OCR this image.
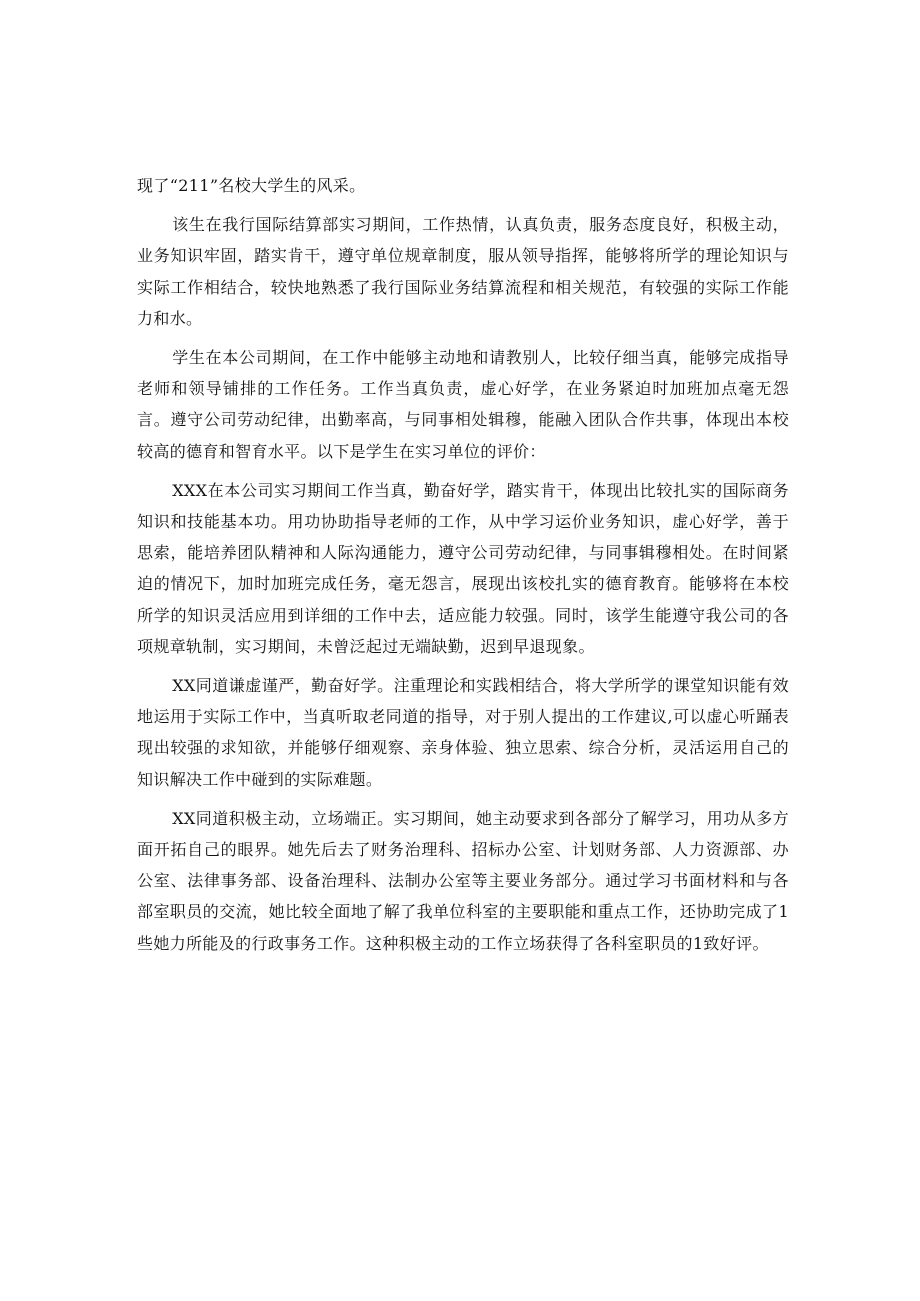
现了“211”名校大学生的风采。

该生在我行国际结算部实习期间，工作热情，认真负责，服务态度良好，积极主动，业务知识牢固，踏实肯干，遵守单位规章制度，服从领导指挥，能够将所学的理论知识与实际工作相结合，较快地熟悉了我行国际业务结算流程和相关规范，有较强的实际工作能力和水。

学生在本公司期间，在工作中能够主动地和请教别人，比较仔细当真，能够完成指导老师和领导铺排的工作任务。工作当真负责，虚心好学，在业务紧迫时加班加点毫无怨言。遵守公司劳动纪律，出勤率高，与同事相处辑穆，能融入团队合作共事，体现出本校较高的德育和智育水平。以下是学生在实习单位的评价：

XXX在本公司实习期间工作当真，勤奋好学，踏实肯干，体现出比较扎实的国际商务知识和技能基本功。用功协助指导老师的工作，从中学习运价业务知识，虚心好学，善于思索，能培养团队精神和人际沟通能力，遵守公司劳动纪律，与同事辑穆相处。在时间紧迫的情况下，加时加班完成任务，毫无怨言，展现出该校扎实的德育教育。能够将在本校所学的知识灵活应用到详细的工作中去，适应能力较强。同时，该学生能遵守我公司的各项规章轨制，实习期间，未曾泛起过无端缺勤，迟到早退现象。

XX同道谦虚谨严，勤奋好学。注重理论和实践相结合，将大学所学的课堂知识能有效地运用于实际工作中，当真听取老同道的指导，对于别人提出的工作建议,可以虚心听踊表现出较强的求知欲，并能够仔细观察、亲身体验、独立思索、综合分析，灵活运用自己的知识解决工作中碰到的实际难题。

XX同道积极主动，立场端正。实习期间，她主动要求到各部分了解学习，用功从多方面开拓自己的眼界。她先后去了财务治理科、招标办公室、计划财务部、人力资源部、办公室、法律事务部、设备治理科、法制办公室等主要业务部分。通过学习书面材料和与各部室职员的交流，她比较全面地了解了我单位科室的主要职能和重点工作，还协助完成了1些她力所能及的行政事务工作。这种积极主动的工作立场获得了各科室职员的1致好评。
